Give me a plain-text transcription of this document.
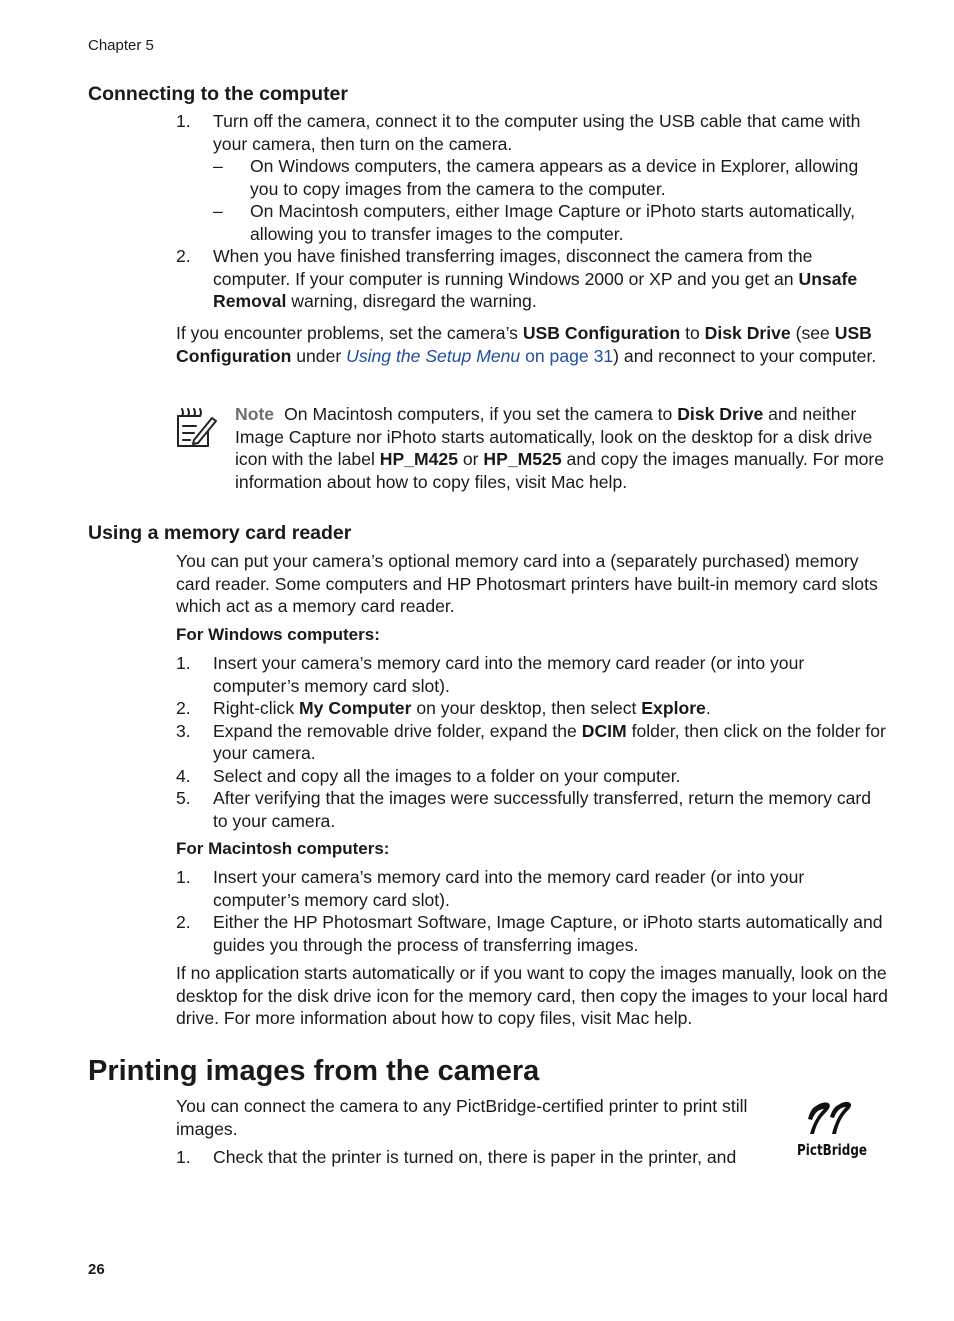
Chapter 5
Connecting to the computer
1. Turn off the camera, connect it to the computer using the USB cable that came with your camera, then turn on the camera.
– On Windows computers, the camera appears as a device in Explorer, allowing you to copy images from the camera to the computer.
– On Macintosh computers, either Image Capture or iPhoto starts automatically, allowing you to transfer images to the computer.
2. When you have finished transferring images, disconnect the camera from the computer. If your computer is running Windows 2000 or XP and you get an Unsafe Removal warning, disregard the warning.

If you encounter problems, set the camera’s USB Configuration to Disk Drive (see USB Configuration under Using the Setup Menu on page 31) and reconnect to your computer.

Note On Macintosh computers, if you set the camera to Disk Drive and neither Image Capture nor iPhoto starts automatically, look on the desktop for a disk drive icon with the label HP_M425 or HP_M525 and copy the images manually. For more information about how to copy files, visit Mac help.

Using a memory card reader

You can put your camera’s optional memory card into a (separately purchased) memory card reader. Some computers and HP Photosmart printers have built-in memory card slots which act as a memory card reader.

For Windows computers:
1. Insert your camera’s memory card into the memory card reader (or into your computer’s memory card slot).
2. Right-click My Computer on your desktop, then select Explore.
3. Expand the removable drive folder, expand the DCIM folder, then click on the folder for your camera.
4. Select and copy all the images to a folder on your computer.
5. After verifying that the images were successfully transferred, return the memory card to your camera.
For Macintosh computers:
1. Insert your camera’s memory card into the memory card reader (or into your computer’s memory card slot).
2. Either the HP Photosmart Software, Image Capture, or iPhoto starts automatically and guides you through the process of transferring images.

If no application starts automatically or if you want to copy the images manually, look on the desktop for the disk drive icon for the memory card, then copy the images to your local hard drive. For more information about how to copy files, visit Mac help.

Printing images from the camera

You can connect the camera to any PictBridge-certified printer to print still images.

1. Check that the printer is turned on, there is paper in the printer, and	PictBridge
26
